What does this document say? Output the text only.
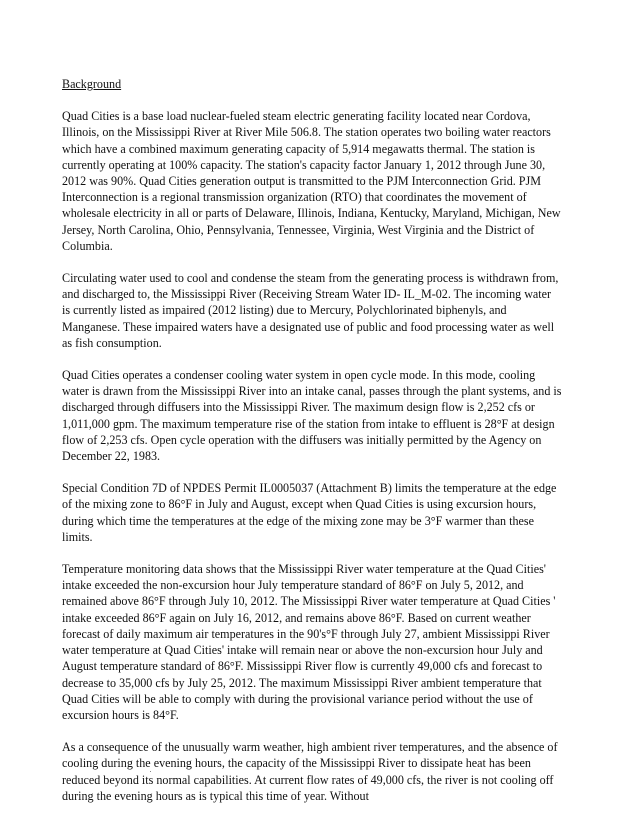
Background

Quad Cities is a base load nuclear-fueled steam electric generating facility located near Cordova, Illinois, on the Mississippi River at River Mile 506.8. The station operates two boiling water reactors which have a combined maximum generating capacity of 5,914 megawatts thermal. The station is currently operating at 100% capacity. The station's capacity factor January 1, 2012 through June 30, 2012 was 90%. Quad Cities generation output is transmitted to the PJM Interconnection Grid. PJM Interconnection is a regional transmission organization (RTO) that coordinates the movement of wholesale electricity in all or parts of Delaware, Illinois, Indiana, Kentucky, Maryland, Michigan, New Jersey, North Carolina, Ohio, Pennsylvania, Tennessee, Virginia, West Virginia and the District of Columbia.

Circulating water used to cool and condense the steam from the generating process is withdrawn from, and discharged to, the Mississippi River (Receiving Stream Water ID- IL_M-02. The incoming water is currently listed as impaired (2012 listing) due to Mercury, Polychlorinated biphenyls, and Manganese. These impaired waters have a designated use of public and food processing water as well as fish consumption.

Quad Cities operates a condenser cooling water system in open cycle mode. In this mode, cooling water is drawn from the Mississippi River into an intake canal, passes through the plant systems, and is discharged through diffusers into the Mississippi River. The maximum design flow is 2,252 cfs or 1,011,000 gpm. The maximum temperature rise of the station from intake to effluent is 28°F at design flow of 2,253 cfs. Open cycle operation with the diffusers was initially permitted by the Agency on December 22, 1983.

Special Condition 7D of NPDES Permit IL0005037 (Attachment B) limits the temperature at the edge of the mixing zone to 86°F in July and August, except when Quad Cities is using excursion hours, during which time the temperatures at the edge of the mixing zone may be 3°F warmer than these limits.

Temperature monitoring data shows that the Mississippi River water temperature at the Quad Cities' intake exceeded the non-excursion hour July temperature standard of 86°F on July 5, 2012, and remained above 86°F through July 10, 2012. The Mississippi River water temperature at Quad Cities ' intake exceeded 86°F again on July 16, 2012, and remains above 86°F. Based on current weather forecast of daily maximum air temperatures in the 90's°F through July 27, ambient Mississippi River water temperature at Quad Cities' intake will remain near or above the non-excursion hour July and August temperature standard of 86°F. Mississippi River flow is currently 49,000 cfs and forecast to decrease to 35,000 cfs by July 25, 2012. The maximum Mississippi River ambient temperature that Quad Cities will be able to comply with during the provisional variance period without the use of excursion hours is 84°F.

As a consequence of the unusually warm weather, high ambient river temperatures, and the absence of cooling during the evening hours, the capacity of the Mississippi River to dissipate heat has been reduced beyond its normal capabilities. At current flow rates of 49,000 cfs, the river is not cooling off during the evening hours as is typical this time of year. Without
